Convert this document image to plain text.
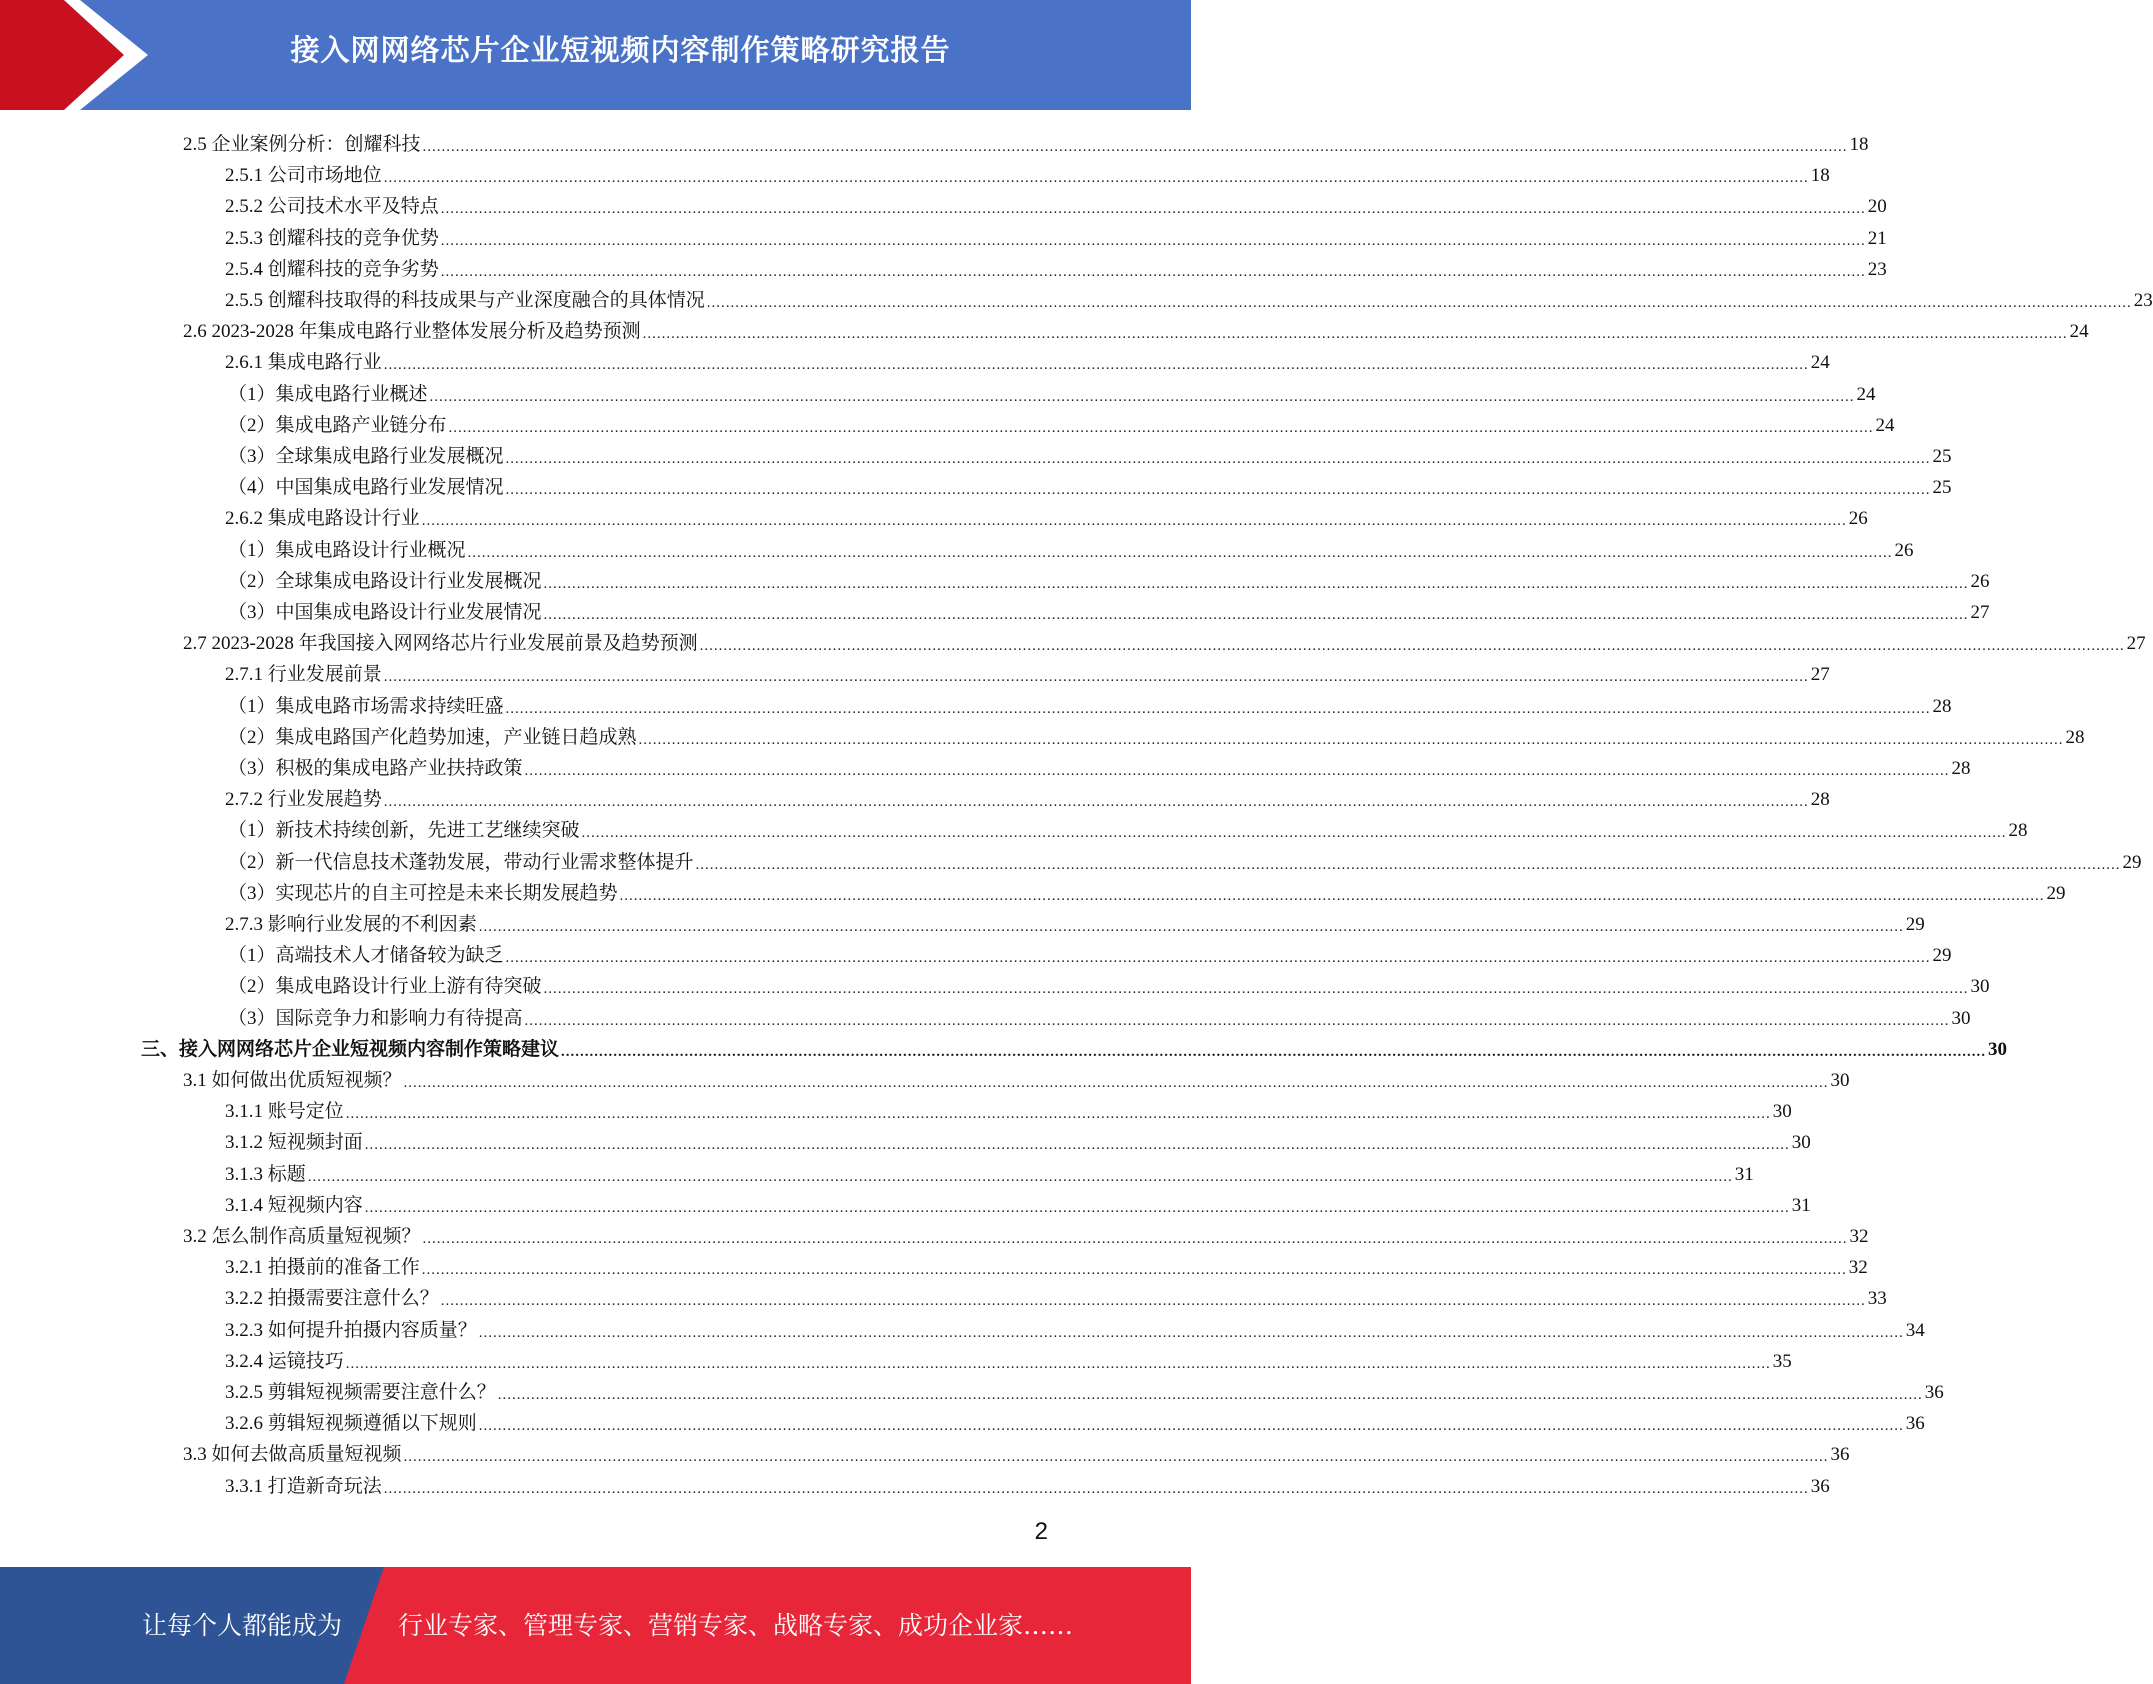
接入网网络芯片企业短视频内容制作策略研究报告
2.5 企业案例分析：创耀科技 ............................................................................................................................................................................................................................................................................................................ 18
2.5.1 公司市场地位 ............................................................................................................................................................................................................................................................................................................ 18
2.5.2 公司技术水平及特点 ............................................................................................................................................................................................................................................................................................................ 20
2.5.3 创耀科技的竞争优势 ............................................................................................................................................................................................................................................................................................................ 21
2.5.4 创耀科技的竞争劣势 ............................................................................................................................................................................................................................................................................................................ 23
2.5.5 创耀科技取得的科技成果与产业深度融合的具体情况 ............................................................................................................................................................................................................................................................................................................ 23
2.6 2023-2028 年集成电路行业整体发展分析及趋势预测 ............................................................................................................................................................................................................................................................................................................ 24
2.6.1 集成电路行业 ............................................................................................................................................................................................................................................................................................................ 24
（1）集成电路行业概述 ............................................................................................................................................................................................................................................................................................................ 24
（2）集成电路产业链分布 ............................................................................................................................................................................................................................................................................................................ 24
（3）全球集成电路行业发展概况 ............................................................................................................................................................................................................................................................................................................ 25
（4）中国集成电路行业发展情况 ............................................................................................................................................................................................................................................................................................................ 25
2.6.2 集成电路设计行业 ............................................................................................................................................................................................................................................................................................................ 26
（1）集成电路设计行业概况 ............................................................................................................................................................................................................................................................................................................ 26
（2）全球集成电路设计行业发展概况 ............................................................................................................................................................................................................................................................................................................ 26
（3）中国集成电路设计行业发展情况 ............................................................................................................................................................................................................................................................................................................ 27
2.7 2023-2028 年我国接入网网络芯片行业发展前景及趋势预测 ............................................................................................................................................................................................................................................................................................................ 27
2.7.1 行业发展前景 ............................................................................................................................................................................................................................................................................................................ 27
（1）集成电路市场需求持续旺盛 ............................................................................................................................................................................................................................................................................................................ 28
（2）集成电路国产化趋势加速，产业链日趋成熟 ............................................................................................................................................................................................................................................................................................................ 28
（3）积极的集成电路产业扶持政策 ............................................................................................................................................................................................................................................................................................................ 28
2.7.2 行业发展趋势 ............................................................................................................................................................................................................................................................................................................ 28
（1）新技术持续创新，先进工艺继续突破 ............................................................................................................................................................................................................................................................................................................ 28
（2）新一代信息技术蓬勃发展，带动行业需求整体提升 ............................................................................................................................................................................................................................................................................................................ 29
（3）实现芯片的自主可控是未来长期发展趋势 ............................................................................................................................................................................................................................................................................................................ 29
2.7.3 影响行业发展的不利因素 ............................................................................................................................................................................................................................................................................................................ 29
（1）高端技术人才储备较为缺乏 ............................................................................................................................................................................................................................................................................................................ 29
（2）集成电路设计行业上游有待突破 ............................................................................................................................................................................................................................................................................................................ 30
（3）国际竞争力和影响力有待提高 ............................................................................................................................................................................................................................................................................................................ 30
三、接入网网络芯片企业短视频内容制作策略建议 ............................................................................................................................................................................................................................................................................................................ 30
3.1 如何做出优质短视频？ ............................................................................................................................................................................................................................................................................................................ 30
3.1.1 账号定位 ............................................................................................................................................................................................................................................................................................................ 30
3.1.2 短视频封面 ............................................................................................................................................................................................................................................................................................................ 30
3.1.3 标题 ............................................................................................................................................................................................................................................................................................................ 31
3.1.4 短视频内容 ............................................................................................................................................................................................................................................................................................................ 31
3.2 怎么制作高质量短视频？ ............................................................................................................................................................................................................................................................................................................ 32
3.2.1 拍摄前的准备工作 ............................................................................................................................................................................................................................................................................................................ 32
3.2.2 拍摄需要注意什么？ ............................................................................................................................................................................................................................................................................................................ 33
3.2.3 如何提升拍摄内容质量？ ............................................................................................................................................................................................................................................................................................................ 34
3.2.4 运镜技巧 ............................................................................................................................................................................................................................................................................................................ 35
3.2.5 剪辑短视频需要注意什么？ ............................................................................................................................................................................................................................................................................................................ 36
3.2.6 剪辑短视频遵循以下规则 ............................................................................................................................................................................................................................................................................................................ 36
3.3 如何去做高质量短视频 ............................................................................................................................................................................................................................................................................................................ 36
3.3.1 打造新奇玩法 ............................................................................................................................................................................................................................................................................................................ 36
2
让每个人都能成为 行业专家、管理专家、营销专家、战略专家、成功企业家……
